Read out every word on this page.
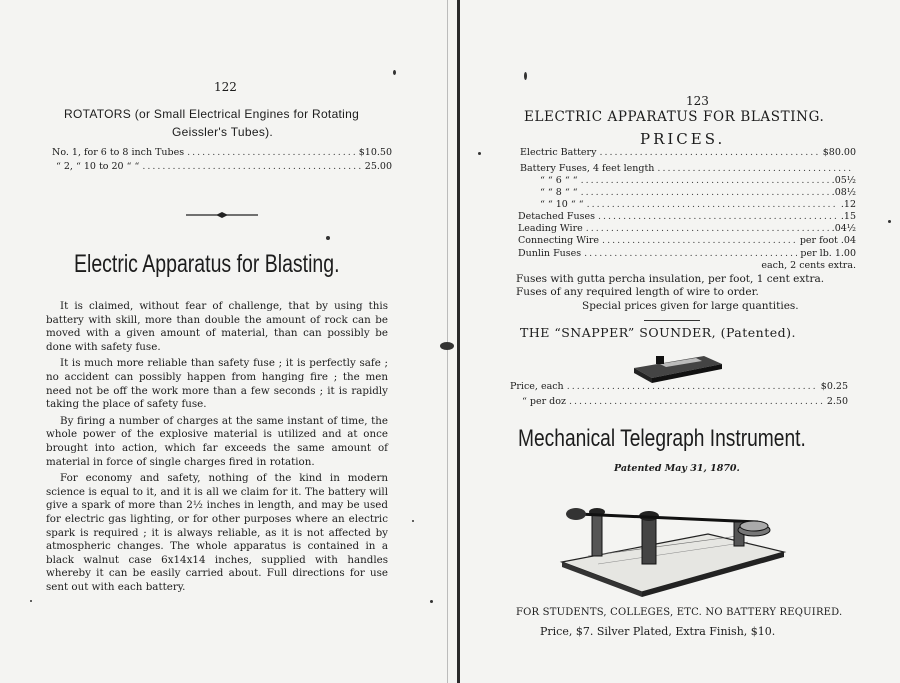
122
ROTATORS (or Small Electrical Engines for Rotating
Geissler's Tubes).
No. 1, for 6 to 8 inch Tubes .....	$10.50
“ 2, “ 10 to 20 “ “ .....	25.00
Electric Apparatus for Blasting.

It is claimed, without fear of challenge, that by using this battery with skill, more than double the amount of rock can be moved with a given amount of material, than can possibly be done with safety fuse.

It is much more reliable than safety fuse ; it is perfectly safe ; no accident can possibly happen from hanging fire ; the men need not be off the work more than a few seconds ; it is rapidly taking the place of safety fuse.

By firing a number of charges at the same instant of time, the whole power of the explosive material is utilized and at once brought into action, which far exceeds the same amount of material in force of single charges fired in rotation.

For economy and safety, nothing of the kind in modern science is equal to it, and it is all we claim for it. The battery will give a spark of more than 2½ inches in length, and may be used for electric gas lighting, or for other purposes where an electric spark is required ; it is always reliable, as it is not affected by atmospheric changes. The whole apparatus is contained in a black walnut case 6x14x14 inches, supplied with handles whereby it can be easily carried about. Full directions for use sent out with each battery.

123
ELECTRIC APPARATUS FOR BLASTING.
PRICES.
Electric Battery .....	$80.00
Battery Fuses, 4 feet length
.....
“ “ 6 “ “ .....	.05½
“ “ 8 “ “ .....	.08½
“ “ 10 “ “ .....	.12
Detached Fuses .....	.15
Leading Wire .....	.04½
Connecting Wire .....	per foot .04
Dunlin Fuses .....	per lb. 1.00
each, 2 cents extra.
Fuses with gutta percha insulation, per foot, 1 cent extra.
Fuses of any required length of wire to order.
Special prices given for large quantities.
THE “SNAPPER” SOUNDER, (Patented).
Price, each .....	$0.25
“ per doz .....	2.50
Mechanical Telegraph Instrument.
Patented May 31, 1870.
FOR STUDENTS, COLLEGES, ETC. NO BATTERY REQUIRED.
Price, $7. Silver Plated, Extra Finish, $10.
